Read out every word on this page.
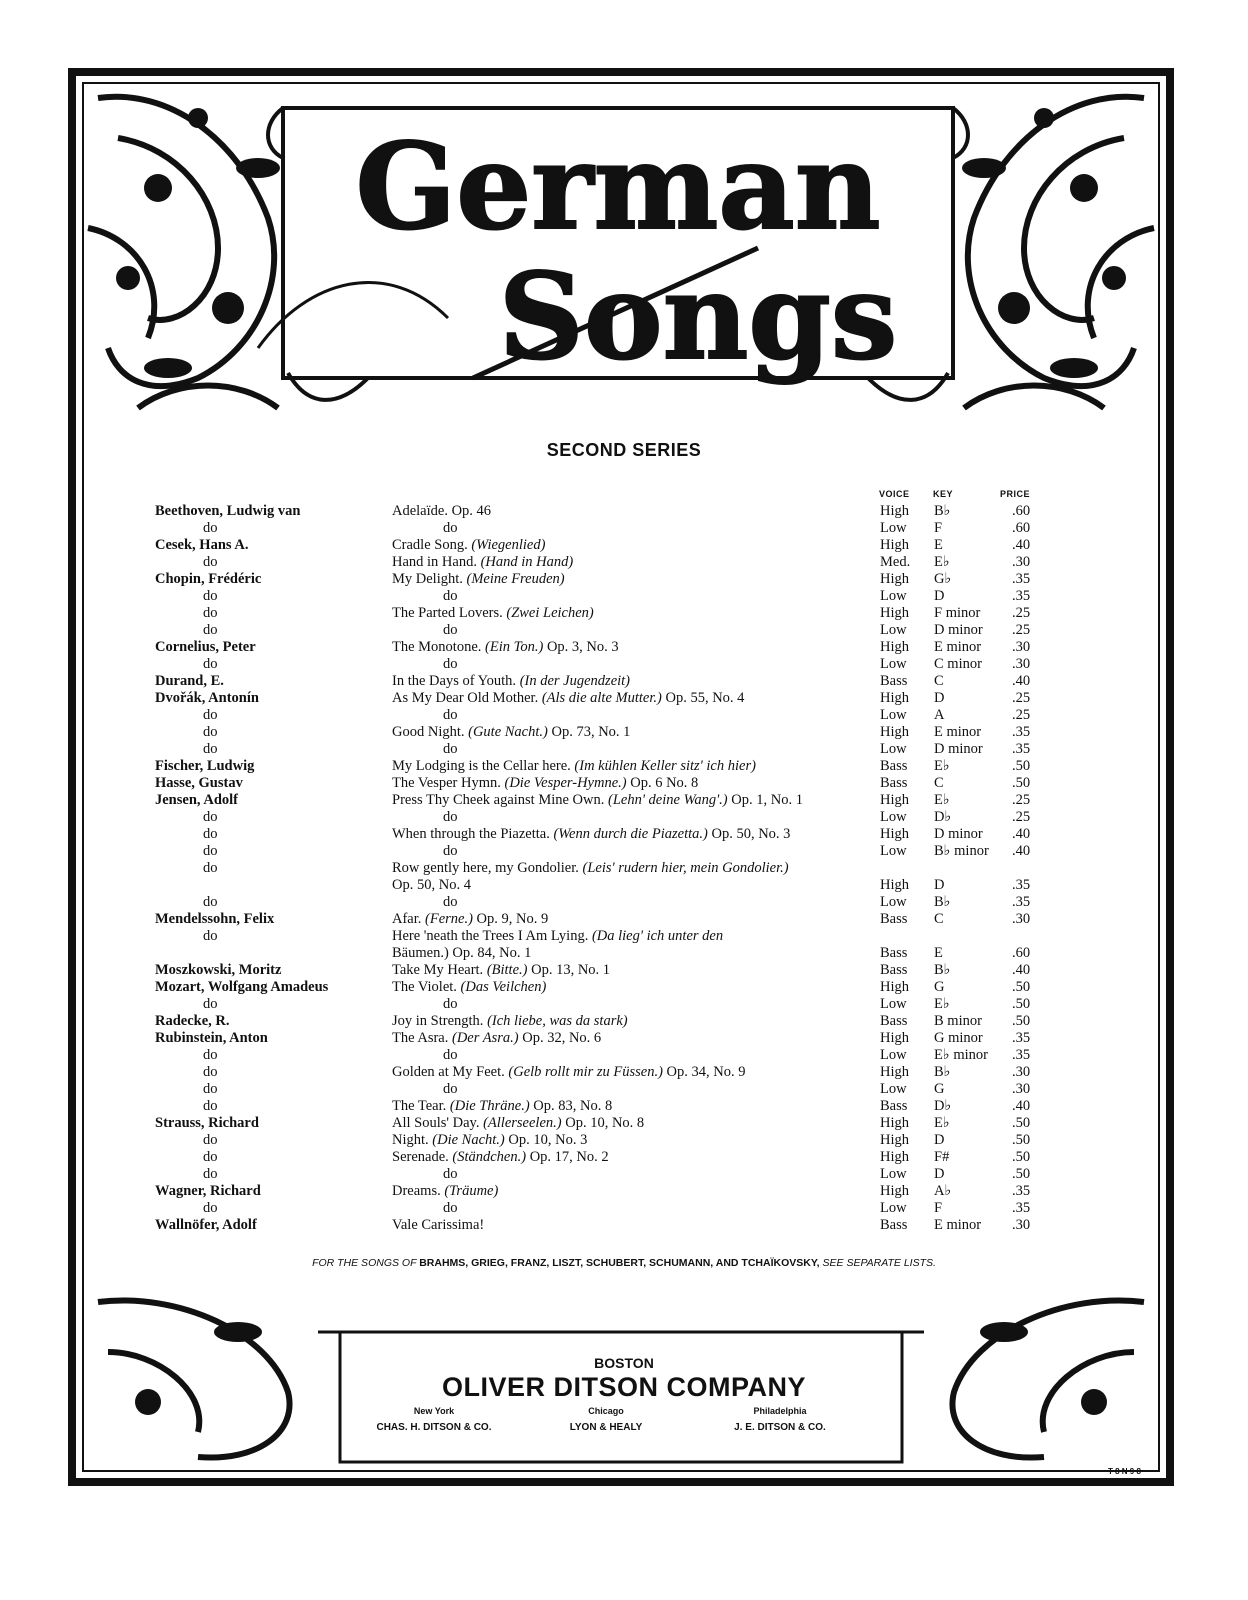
German
Songs
SECOND SERIES
VOICE	KEY	PRICE
Beethoven, Ludwig van	Adelaïde. Op. 46	High B♭	.60
do	do	Low F	.60
Cesek, Hans A.	Cradle Song. (Wiegenlied)	High E	.40
do	Hand in Hand. (Hand in Hand)	Med. E♭	.30
Chopin, Frédéric	My Delight. (Meine Freuden)	High G♭	.35
do	do	Low D	.35
do	The Parted Lovers. (Zwei Leichen)	High F minor .25
do	do	Low D minor .25
Cornelius, Peter	The Monotone. (Ein Ton.) Op. 3, No. 3	High E minor .30
do	do	Low C minor .30
Durand, E.	In the Days of Youth. (In der Jugendzeit)	Bass C	.40
Dvořák, Antonín	As My Dear Old Mother. (Als die alte Mutter.) Op. 55, No. 4	High D	.25
do	do	Low A	.25
do	Good Night. (Gute Nacht.) Op. 73, No. 1	High E minor .35
do	do	Low D minor .35
Fischer, Ludwig	My Lodging is the Cellar here. (Im kühlen Keller sitz' ich hier)	Bass E♭	.50
Hasse, Gustav	The Vesper Hymn. (Die Vesper-Hymne.) Op. 6 No. 8	Bass C	.50
Jensen, Adolf	Press Thy Cheek against Mine Own. (Lehn' deine Wang'.) Op. 1, No. 1	High E♭	.25
do	do	Low D♭	.25
do	When through the Piazetta. (Wenn durch die Piazetta.) Op. 50, No. 3	High D minor .40
do	do	Low B♭ minor .40
do	Row gently here, my Gondolier. (Leis' rudern hier, mein Gondolier.)
Op. 50, No. 4	High D	.35
do	do	Low B♭	.35
Mendelssohn, Felix	Afar. (Ferne.) Op. 9, No. 9	Bass C	.30
do	Here 'neath the Trees I Am Lying. (Da lieg' ich unter den
Bäumen.) Op. 84, No. 1	Bass E	.60
Moszkowski, Moritz	Take My Heart. (Bitte.) Op. 13, No. 1	Bass B♭	.40
Mozart, Wolfgang Amadeus	The Violet. (Das Veilchen)	High G	.50
do	do	Low E♭	.50
Radecke, R.	Joy in Strength. (Ich liebe, was da stark)	Bass B minor .50
Rubinstein, Anton	The Asra. (Der Asra.) Op. 32, No. 6	High G minor .35
do	do	Low E♭ minor .35
do	Golden at My Feet. (Gelb rollt mir zu Füssen.) Op. 34, No. 9	High B♭	.30
do	do	Low G	.30
do	The Tear. (Die Thräne.) Op. 83, No. 8	Bass D♭	.40
Strauss, Richard	All Souls' Day. (Allerseelen.) Op. 10, No. 8	High E♭	.50
do	Night. (Die Nacht.) Op. 10, No. 3	High D	.50
do	Serenade. (Ständchen.) Op. 17, No. 2	High F#	.50
do	do	Low D	.50
Wagner, Richard	Dreams. (Träume)	High A♭	.35
do	do	Low F	.35
Wallnöfer, Adolf	Vale Carissima!	Bass E minor .30
FOR THE SONGS OF BRAHMS, GRIEG, FRANZ, LISZT, SCHUBERT, SCHUMANN, AND TCHAÏKOVSKY, SEE SEPARATE LISTS.
BOSTON
OLIVER DITSON COMPANY
New York
CHAS. H. DITSON & CO.
Chicago
LYON & HEALY
Philadelphia
J. E. DITSON & CO.
T 8 N 9 8
